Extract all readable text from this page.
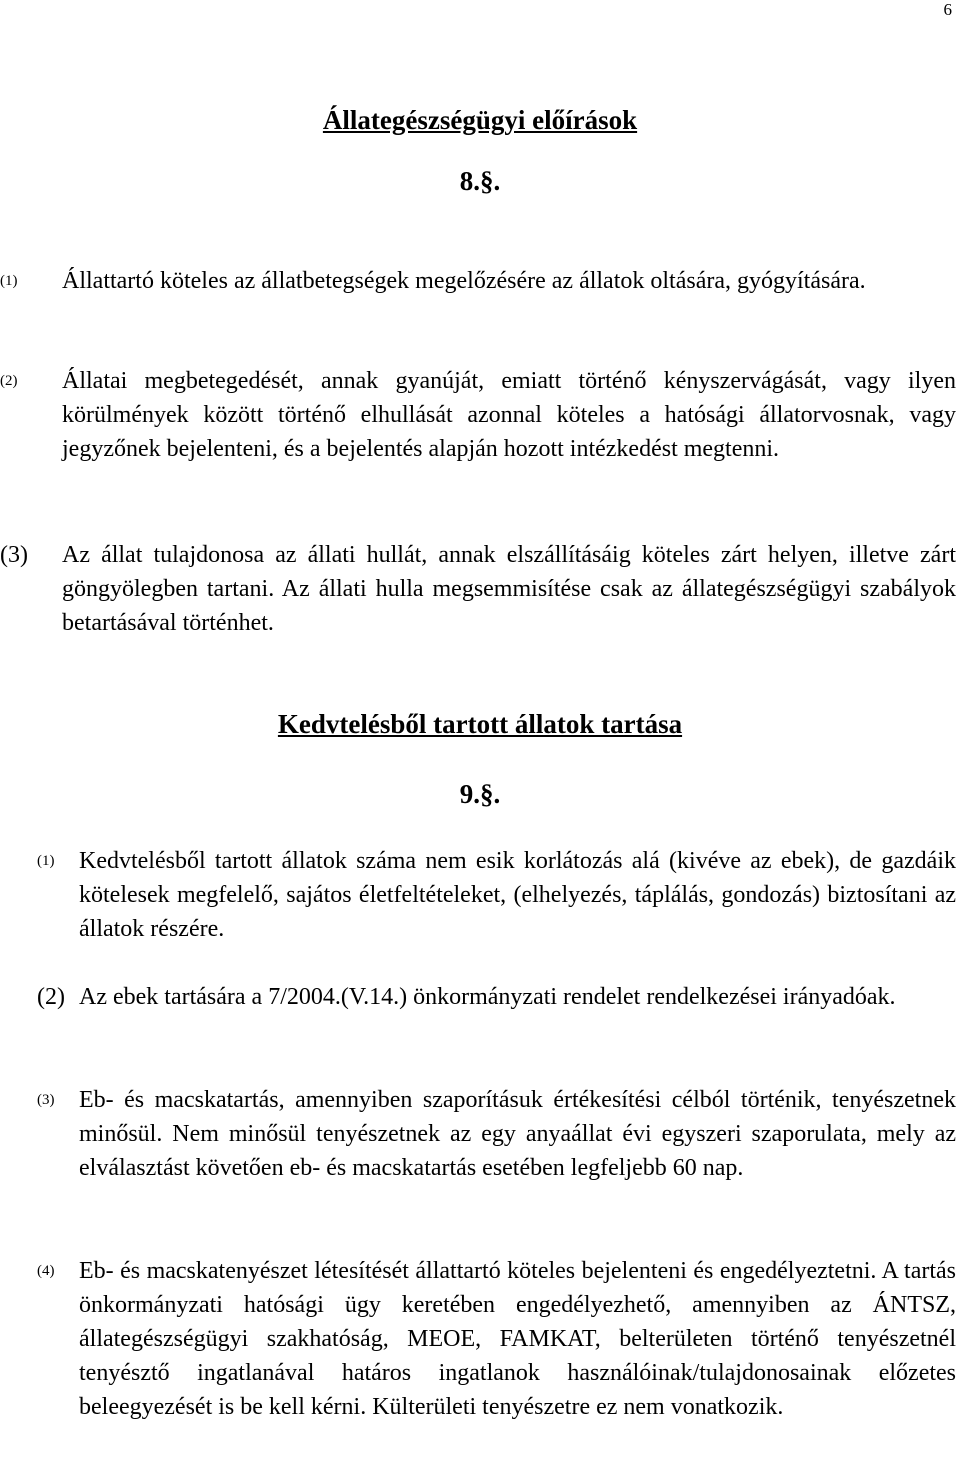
6
Állategészségügyi előírások
8.§.
(1) Állattartó köteles az állatbetegségek megelőzésére az állatok oltására, gyógyítására.
(2) Állatai megbetegedését, annak gyanúját, emiatt történő kényszervágását, vagy ilyen körülmények között történő elhullását azonnal köteles a hatósági állatorvosnak, vagy jegyzőnek bejelenteni, és a bejelentés alapján hozott intézkedést megtenni.
(3) Az állat tulajdonosa az állati hullát, annak elszállításáig köteles zárt helyen, illetve zárt göngyölegben tartani. Az állati hulla megsemmisítése csak az állategészségügyi szabályok betartásával történhet.
Kedvtelésből tartott állatok tartása
9.§.
(1) Kedvtelésből tartott állatok száma nem esik korlátozás alá (kivéve az ebek), de gazdáik kötelesek megfelelő, sajátos életfeltételeket, (elhelyezés, táplálás, gondozás) biztosítani az állatok részére.
(2) Az ebek tartására a 7/2004.(V.14.) önkormányzati rendelet rendelkezései irányadóak.
(3) Eb- és macskatartás, amennyiben szaporításuk értékesítési célból történik, tenyészetnek minősül. Nem minősül tenyészetnek az egy anyaállat évi egyszeri szaporulata, mely az elválasztást követően eb- és macskatartás esetében legfeljebb 60 nap.
(4) Eb- és macskatenyészet létesítését állattartó köteles bejelenteni és engedélyeztetni. A tartás önkormányzati hatósági ügy keretében engedélyezhető, amennyiben az ÁNTSZ, állategészségügyi szakhatóság, MEOE, FAMKAT, belterületen történő tenyészetnél tenyésztő ingatlanával határos ingatlanok használóinak/tulajdonosainak előzetes beleegyezését is be kell kérni. Külterületi tenyészetre ez nem vonatkozik.
